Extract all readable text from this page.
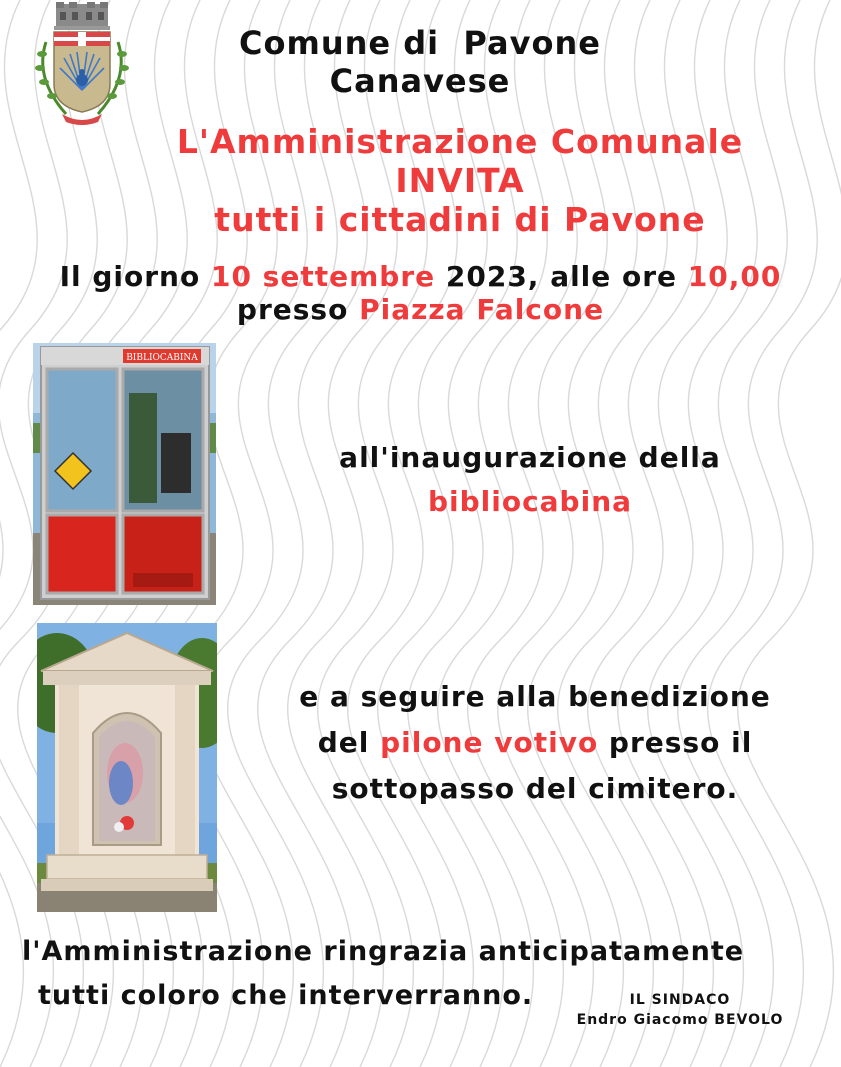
Comune di  Pavone
Canavese
L'Amministrazione Comunale
INVITA
tutti i cittadini di Pavone
Il giorno 10 settembre 2023, alle ore 10,00
presso Piazza Falcone
BIBLIOCABINA
all'inaugurazione della
bibliocabina
e a seguire alla benedizione
del pilone votivo presso il
sottopasso del cimitero.
l'Amministrazione ringrazia anticipatamente
tutti coloro che interverranno.	IL SINDACO
Endro Giacomo BEVOLO
